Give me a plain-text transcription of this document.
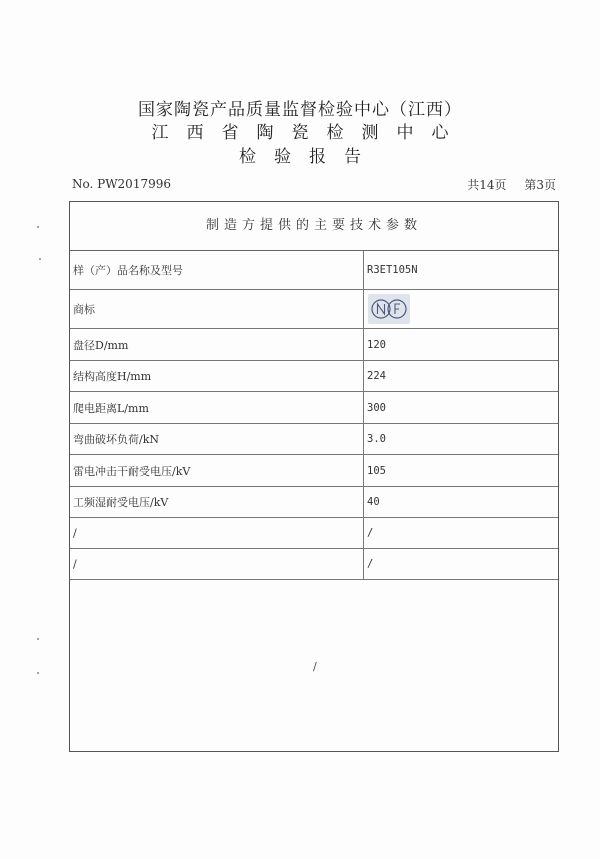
国家陶瓷产品质量监督检验中心（江西）
江西省陶瓷检测中心
检验报告
No. PW2017996	共14页 第3页
制造方提供的主要技术参数
样（产）品名称及型号	R3ET105N
商标
盘径D/mm	120
结构高度H/mm	224
爬电距离L/mm	300
弯曲破坏负荷/kN	3.0
雷电冲击干耐受电压/kV	105
工频湿耐受电压/kV	40
/	/
/	/
/
